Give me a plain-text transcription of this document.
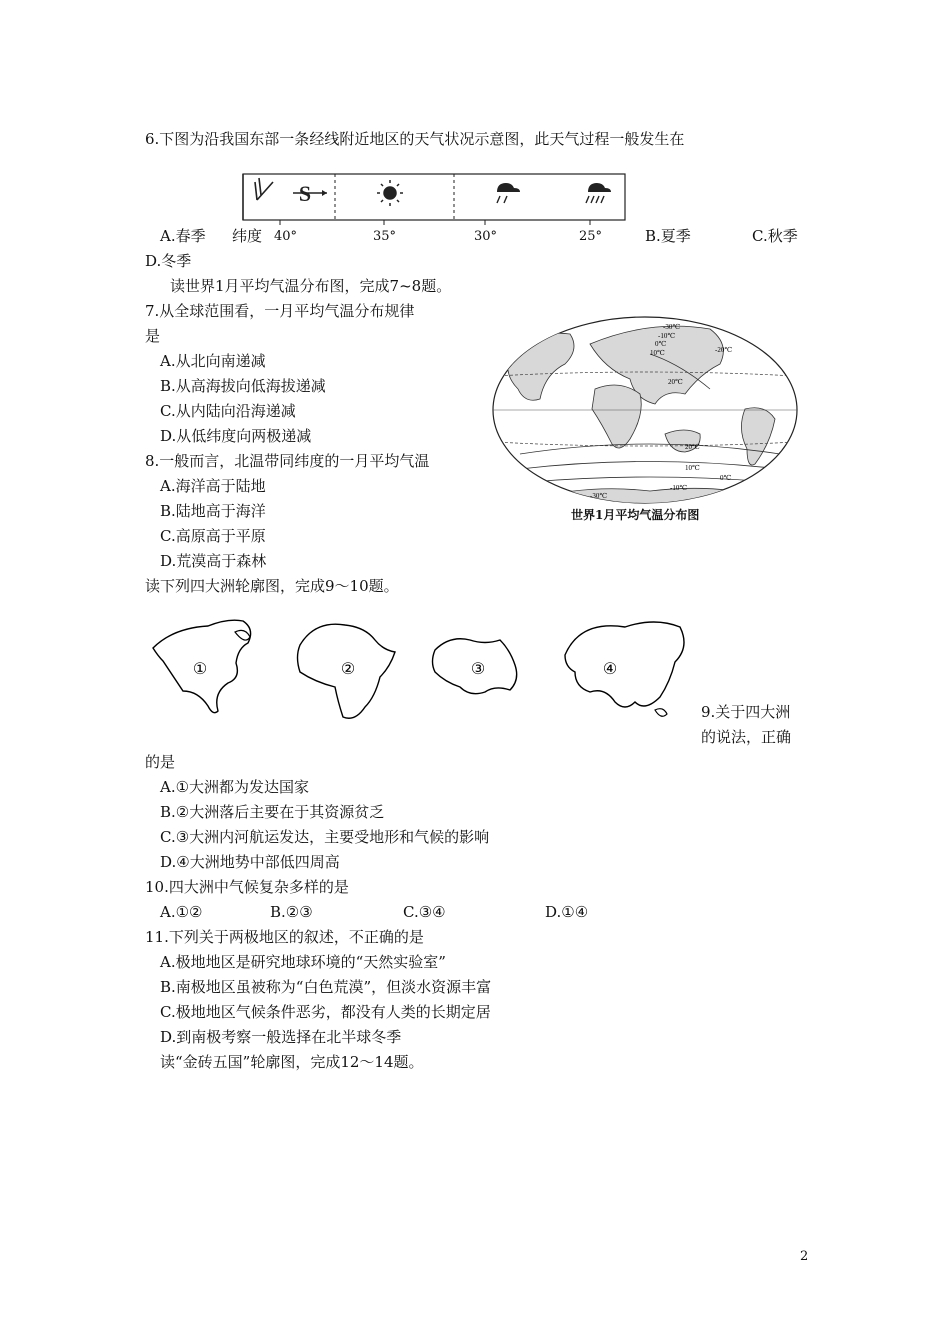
6.下图为沿我国东部一条经线附近地区的天气状况示意图，此天气过程一般发生在
S
A.春季 纬度 40°	35°	30°	25°	B.夏季	C.秋季
D.冬季
读世界1月平均气温分布图，完成7~8题。
7.从全球范围看，一月平均气温分布规律
是
A.从北向南递减
B.从高海拔向低海拔递减
C.从内陆向沿海递减
D.从低纬度向两极递减
8.一般而言，北温带同纬度的一月平均气温
A.海洋高于陆地
B.陆地高于海洋
C.高原高于平原
D.荒漠高于森林
-30℃
-10℃
0℃
10℃	-20℃
20℃
20℃
10℃
0℃
-10℃
-30℃
世界1月平均气温分布图
读下列四大洲轮廓图，完成9～10题。
①	②	③	④
9.关于四大洲
的说法，正确
的是
A.①大洲都为发达国家
B.②大洲落后主要在于其资源贫乏
C.③大洲内河航运发达，主要受地形和气候的影响
D.④大洲地势中部低四周高
10.四大洲中气候复杂多样的是
A.①②	B.②③	C.③④	D.①④
11.下列关于两极地区的叙述，不正确的是
A.极地地区是研究地球环境的“天然实验室”
B.南极地区虽被称为“白色荒漠”，但淡水资源丰富
C.极地地区气候条件恶劣，都没有人类的长期定居
D.到南极考察一般选择在北半球冬季
读“金砖五国”轮廓图，完成12～14题。
2
